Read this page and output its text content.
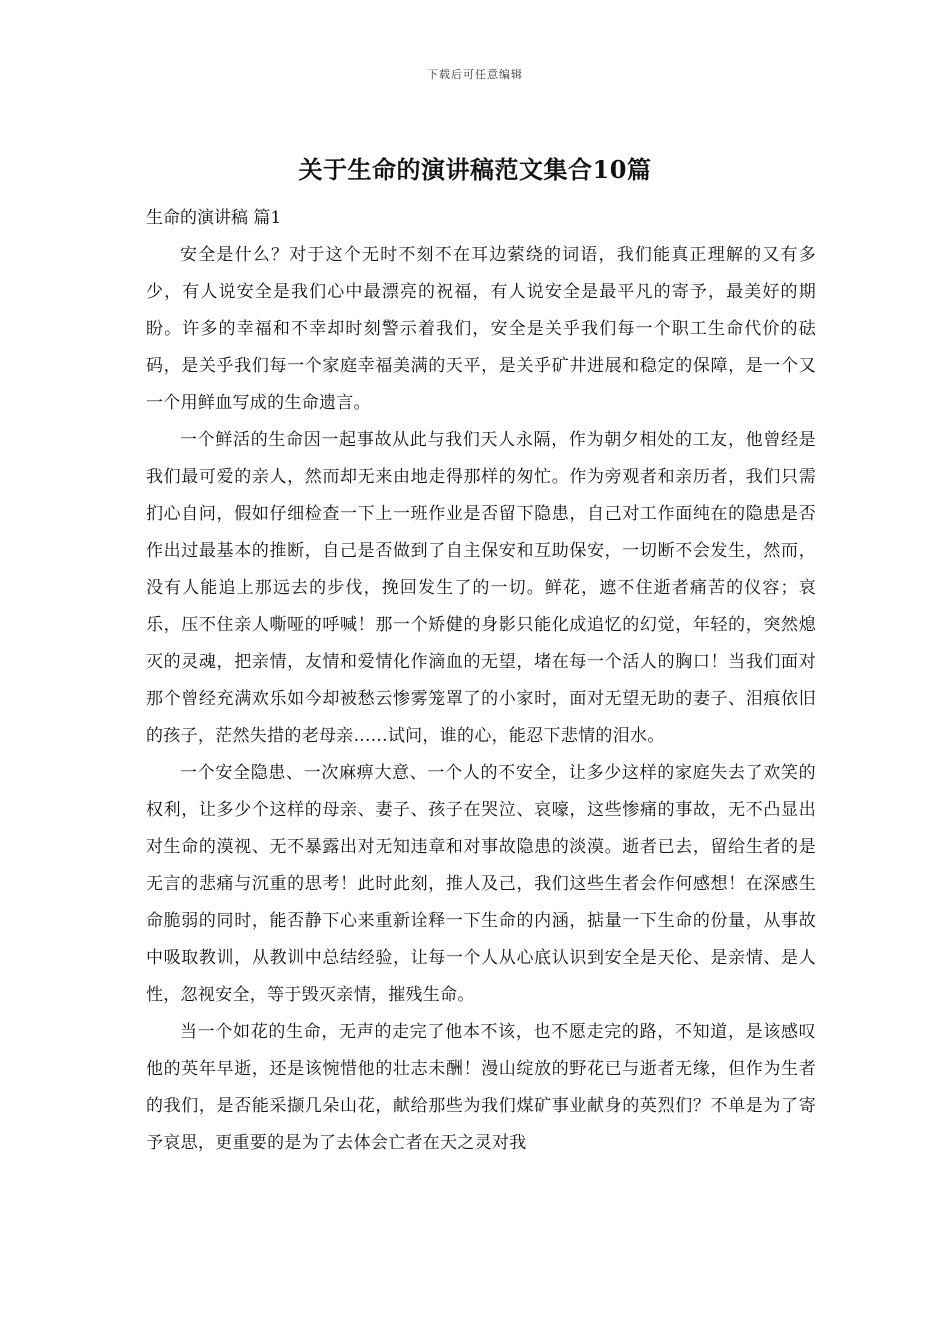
下载后可任意编辑
关于生命的演讲稿范文集合10篇

生命的演讲稿 篇1

安全是什么？对于这个无时不刻不在耳边萦绕的词语，我们能真正理解的又有多少，有人说安全是我们心中最漂亮的祝福，有人说安全是最平凡的寄予，最美好的期盼。许多的幸福和不幸却时刻警示着我们，安全是关乎我们每一个职工生命代价的砝码，是关乎我们每一个家庭幸福美满的天平，是关乎矿井进展和稳定的保障，是一个又一个用鲜血写成的生命遗言。

一个鲜活的生命因一起事故从此与我们天人永隔，作为朝夕相处的工友，他曾经是我们最可爱的亲人，然而却无来由地走得那样的匆忙。作为旁观者和亲历者，我们只需扪心自问，假如仔细检查一下上一班作业是否留下隐患，自己对工作面纯在的隐患是否作出过最基本的推断，自己是否做到了自主保安和互助保安，一切断不会发生，然而，没有人能追上那远去的步伐，挽回发生了的一切。鲜花，遮不住逝者痛苦的仪容；哀乐，压不住亲人嘶哑的呼喊！那一个矫健的身影只能化成追忆的幻觉，年轻的，突然熄灭的灵魂，把亲情，友情和爱情化作滴血的无望，堵在每一个活人的胸口！当我们面对那个曾经充满欢乐如今却被愁云惨雾笼罩了的小家时，面对无望无助的妻子、泪痕依旧的孩子，茫然失措的老母亲......试问，谁的心，能忍下悲情的泪水。

一个安全隐患、一次麻痹大意、一个人的不安全，让多少这样的家庭失去了欢笑的权利，让多少个这样的母亲、妻子、孩子在哭泣、哀嚎，这些惨痛的事故，无不凸显出对生命的漠视、无不暴露出对无知违章和对事故隐患的淡漠。逝者已去，留给生者的是无言的悲痛与沉重的思考！此时此刻，推人及己，我们这些生者会作何感想！在深感生命脆弱的同时，能否静下心来重新诠释一下生命的内涵，掂量一下生命的份量，从事故中吸取教训，从教训中总结经验，让每一个人从心底认识到安全是天伦、是亲情、是人性，忽视安全，等于毁灭亲情，摧残生命。

当一个如花的生命，无声的走完了他本不该，也不愿走完的路，不知道，是该感叹他的英年早逝，还是该惋惜他的壮志未酬！漫山绽放的野花已与逝者无缘，但作为生者的我们，是否能采撷几朵山花，献给那些为我们煤矿事业献身的英烈们？不单是为了寄予哀思，更重要的是为了去体会亡者在天之灵对我
